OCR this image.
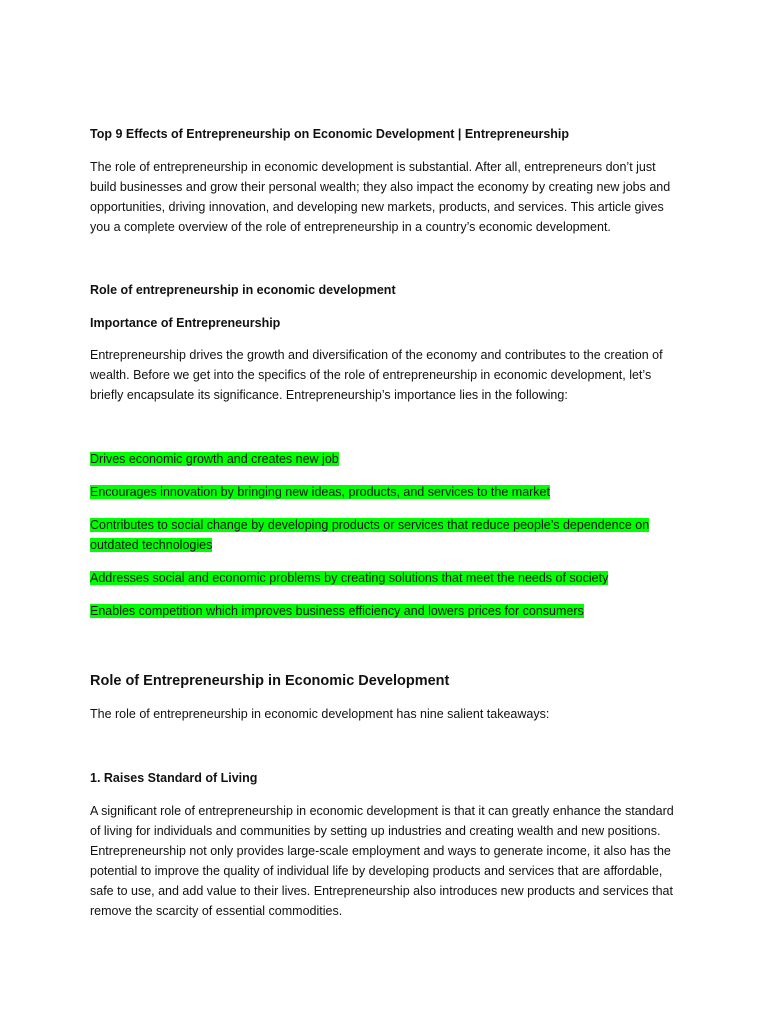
Top 9 Effects of Entrepreneurship on Economic Development | Entrepreneurship

The role of entrepreneurship in economic development is substantial. After all, entrepreneurs don’t just build businesses and grow their personal wealth; they also impact the economy by creating new jobs and opportunities, driving innovation, and developing new markets, products, and services. This article gives you a complete overview of the role of entrepreneurship in a country’s economic development.

Role of entrepreneurship in economic development

Importance of Entrepreneurship

Entrepreneurship drives the growth and diversification of the economy and contributes to the creation of wealth. Before we get into the specifics of the role of entrepreneurship in economic development, let’s briefly encapsulate its significance. Entrepreneurship’s importance lies in the following:

Drives economic growth and creates new job
Encourages innovation by bringing new ideas, products, and services to the market
Contributes to social change by developing products or services that reduce people’s dependence on outdated technologies
Addresses social and economic problems by creating solutions that meet the needs of society
Enables competition which improves business efficiency and lowers prices for consumers

Role of Entrepreneurship in Economic Development

The role of entrepreneurship in economic development has nine salient takeaways:

1. Raises Standard of Living

A significant role of entrepreneurship in economic development is that it can greatly enhance the standard of living for individuals and communities by setting up industries and creating wealth and new positions. Entrepreneurship not only provides large-scale employment and ways to generate income, it also has the potential to improve the quality of individual life by developing products and services that are affordable, safe to use, and add value to their lives. Entrepreneurship also introduces new products and services that remove the scarcity of essential commodities.
